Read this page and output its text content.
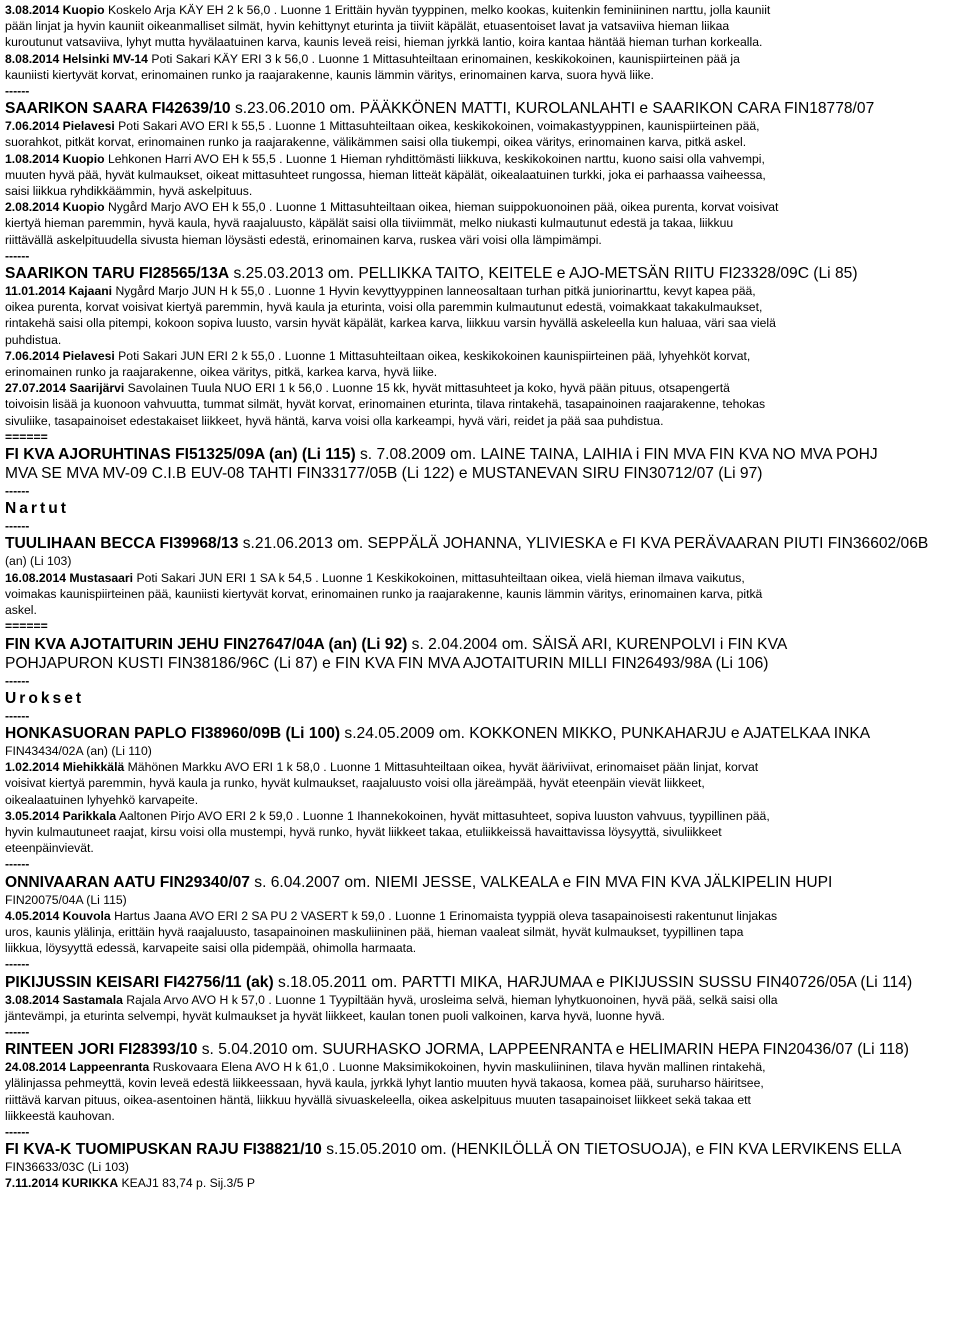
3.08.2014 Kuopio Koskelo Arja KÄY EH 2 k 56,0 . Luonne 1 Erittäin hyvän tyyppinen, melko kookas, kuitenkin feminiininen narttu, jolla kauniit
pään linjat ja hyvin kauniit oikeanmalliset silmät, hyvin kehittynyt eturinta ja tiiviit käpälät, etuasentoiset lavat ja vatsaviiva hieman liikaa
kuroutunut vatsaviiva, lyhyt mutta hyvälaatuinen karva, kaunis leveä reisi, hieman jyrkkä lantio, koira kantaa häntää hieman turhan korkealla.
8.08.2014 Helsinki MV-14 Poti Sakari KÄY ERI 3 k 56,0 . Luonne 1 Mittasuhteiltaan erinomainen, keskikokoinen, kaunispiirteinen pää ja
kauniisti kiertyvät korvat, erinomainen runko ja raajarakenne, kaunis lämmin väritys, erinomainen karva, suora hyvä liike.
------
SAARIKON SAARA FI42639/10 s.23.06.2010 om. PÄÄKKÖNEN MATTI, KUROLANLAHTI e SAARIKON CARA FIN18778/07
7.06.2014 Pielavesi Poti Sakari AVO ERI k 55,5 . Luonne 1 Mittasuhteiltaan oikea, keskikokoinen, voimakastyyppinen, kaunispiirteinen pää,
suorahkot, pitkät korvat, erinomainen runko ja raajarakenne, välikämmen saisi olla tiukempi, oikea väritys, erinomainen karva, pitkä askel.
1.08.2014 Kuopio Lehkonen Harri AVO EH k 55,5 . Luonne 1 Hieman ryhdittömästi liikkuva, keskikokoinen narttu, kuono saisi olla vahvempi,
muuten hyvä pää, hyvät kulmaukset, oikeat mittasuhteet rungossa, hieman litteät käpälät, oikealaatuinen turkki, joka ei parhaassa vaiheessa,
saisi liikkua ryhdikkäämmin, hyvä askelpituus.
2.08.2014 Kuopio Nygård Marjo AVO EH k 55,0 . Luonne 1 Mittasuhteiltaan oikea, hieman suippokuonoinen pää, oikea purenta, korvat voisivat
kiertyä hieman paremmin, hyvä kaula, hyvä raajaluusto, käpälät saisi olla tiiviimmät, melko niukasti kulmautunut edestä ja takaa, liikkuu
riittävällä askelpituudella sivusta hieman löysästi edestä, erinomainen karva, ruskea väri voisi olla lämpimämpi.
------
SAARIKON TARU FI28565/13A s.25.03.2013 om. PELLIKKA TAITO, KEITELE e AJO-METSÄN RIITU FI23328/09C (Li 85)
11.01.2014 Kajaani Nygård Marjo JUN H k 55,0 . Luonne 1 Hyvin kevyttyyppinen lanneosaltaan turhan pitkä juniorinarttu, kevyt kapea pää,
oikea purenta, korvat voisivat kiertyä paremmin, hyvä kaula ja eturinta, voisi olla paremmin kulmautunut edestä, voimakkaat takakulmaukset,
rintakehä saisi olla pitempi, kokoon sopiva luusto, varsin hyvät käpälät, karkea karva, liikkuu varsin hyvällä askeleella kun haluaa, väri saa vielä
puhdistua.
7.06.2014 Pielavesi Poti Sakari JUN ERI 2 k 55,0 . Luonne 1 Mittasuhteiltaan oikea, keskikokoinen kaunispiirteinen pää, lyhyehköt korvat,
erinomainen runko ja raajarakenne, oikea väritys, pitkä, karkea karva, hyvä liike.
27.07.2014 Saarijärvi Savolainen Tuula NUO ERI 1 k 56,0 . Luonne 15 kk, hyvät mittasuhteet ja koko, hyvä pään pituus, otsapengertä
toivoisin lisää ja kuonoon vahvuutta, tummat silmät, hyvät korvat, erinomainen eturinta, tilava rintakehä, tasapainoinen raajarakenne, tehokas
sivuliike, tasapainoiset edestakaiset liikkeet, hyvä häntä, karva voisi olla karkeampi, hyvä väri, reidet ja pää saa puhdistua.
======
FI KVA AJORUHTINAS FI51325/09A (an) (Li 115) s. 7.08.2009 om. LAINE TAINA, LAIHIA i FIN MVA FIN KVA NO MVA POHJ
MVA SE MVA MV-09 C.I.B EUV-08 TAHTI FIN33177/05B (Li 122) e MUSTANEVAN SIRU FIN30712/07 (Li 97)
------
Nartut
------
TUULIHAAN BECCA FI39968/13 s.21.06.2013 om. SEPPÄLÄ JOHANNA, YLIVIESKA e FI KVA PERÄVAARAN PIUTI FIN36602/06B
(an) (Li 103)
16.08.2014 Mustasaari Poti Sakari JUN ERI 1 SA k 54,5 . Luonne 1 Keskikokoinen, mittasuhteiltaan oikea, vielä hieman ilmava vaikutus,
voimakas kaunispiirteinen pää, kauniisti kiertyvät korvat, erinomainen runko ja raajarakenne, kaunis lämmin väritys, erinomainen karva, pitkä
askel.
======
FIN KVA AJOTAITURIN JEHU FIN27647/04A (an) (Li 92) s. 2.04.2004 om. SÄISÄ ARI, KURENPOLVI i FIN KVA
POHJAPURON KUSTI FIN38186/96C (Li 87) e FIN KVA FIN MVA AJOTAITURIN MILLI FIN26493/98A (Li 106)
------
Urokset
------
HONKASUORAN PAPLO FI38960/09B (Li 100) s.24.05.2009 om. KOKKONEN MIKKO, PUNKAHARJU e AJATELKAA INKA
FIN43434/02A (an) (Li 110)
1.02.2014 Miehikkälä Mähönen Markku AVO ERI 1 k 58,0 . Luonne 1 Mittasuhteiltaan oikea, hyvät ääriviivat, erinomaiset pään linjat, korvat
voisivat kiertyä paremmin, hyvä kaula ja runko, hyvät kulmaukset, raajaluusto voisi olla järeämpää, hyvät eteenpäin vievät liikkeet,
oikealaatuinen lyhyehkö karvapeite.
3.05.2014 Parikkala Aaltonen Pirjo AVO ERI 2 k 59,0 . Luonne 1 Ihannekokoinen, hyvät mittasuhteet, sopiva luuston vahvuus, tyypillinen pää,
hyvin kulmautuneet raajat, kirsu voisi olla mustempi, hyvä runko, hyvät liikkeet takaa, etuliikkeissä havaittavissa löysyyttä, sivuliikkeet
eteenpäinvievät.
------
ONNIVAARAN AATU FIN29340/07 s. 6.04.2007 om. NIEMI JESSE, VALKEALA e FIN MVA FIN KVA JÄLKIPELIN HUPI
FIN20075/04A (Li 115)
4.05.2014 Kouvola Hartus Jaana AVO ERI 2 SA PU 2 VASERT k 59,0 . Luonne 1 Erinomaista tyyppiä oleva tasapainoisesti rakentunut linjakas
uros, kaunis ylälinja, erittäin hyvä raajaluusto, tasapainoinen maskuliininen pää, hieman vaaleat silmät, hyvät kulmaukset, tyypillinen tapa
liikkua, löysyyttä edessä, karvapeite saisi olla pidempää, ohimolla harmaata.
------
PIKIJUSSIN KEISARI FI42756/11 (ak) s.18.05.2011 om. PARTTI MIKA, HARJUMAA e PIKIJUSSIN SUSSU FIN40726/05A (Li 114)
3.08.2014 Sastamala Rajala Arvo AVO H k 57,0 . Luonne 1 Tyypiltään hyvä, urosleima selvä, hieman lyhytkuonoinen, hyvä pää, selkä saisi olla
jäntevämpi, ja eturinta selvempi, hyvät kulmaukset ja hyvät liikkeet, kaulan tonen puoli valkoinen, karva hyvä, luonne hyvä.
------
RINTEEN JORI FI28393/10 s. 5.04.2010 om. SUURHASKO JORMA, LAPPEENRANTA e HELIMARIN HEPA FIN20436/07 (Li 118)
24.08.2014 Lappeenranta Ruskovaara Elena AVO H k 61,0 . Luonne Maksimikokoinen, hyvin maskuliininen, tilava hyvän mallinen rintakehä,
ylälinjassa pehmeyttä, kovin leveä edestä liikkeessaan, hyvä kaula, jyrkkä lyhyt lantio muuten hyvä takaosa, komea pää, suruharso häiritsee,
riittävä karvan pituus, oikea-asentoinen häntä, liikkuu hyvällä sivuaskeleella, oikea askelpituus muuten tasapainoiset liikkeet sekä takaa ett
liikkeestä kauhovan.
------
FI KVA-K TUOMIPUSKAN RAJU FI38821/10 s.15.05.2010 om. (HENKILÖLLÄ ON TIETOSUOJA), e FIN KVA LERVIKENS ELLA
FIN36633/03C (Li 103)
7.11.2014 KURIKKA KEAJ1 83,74 p. Sij.3/5 P
